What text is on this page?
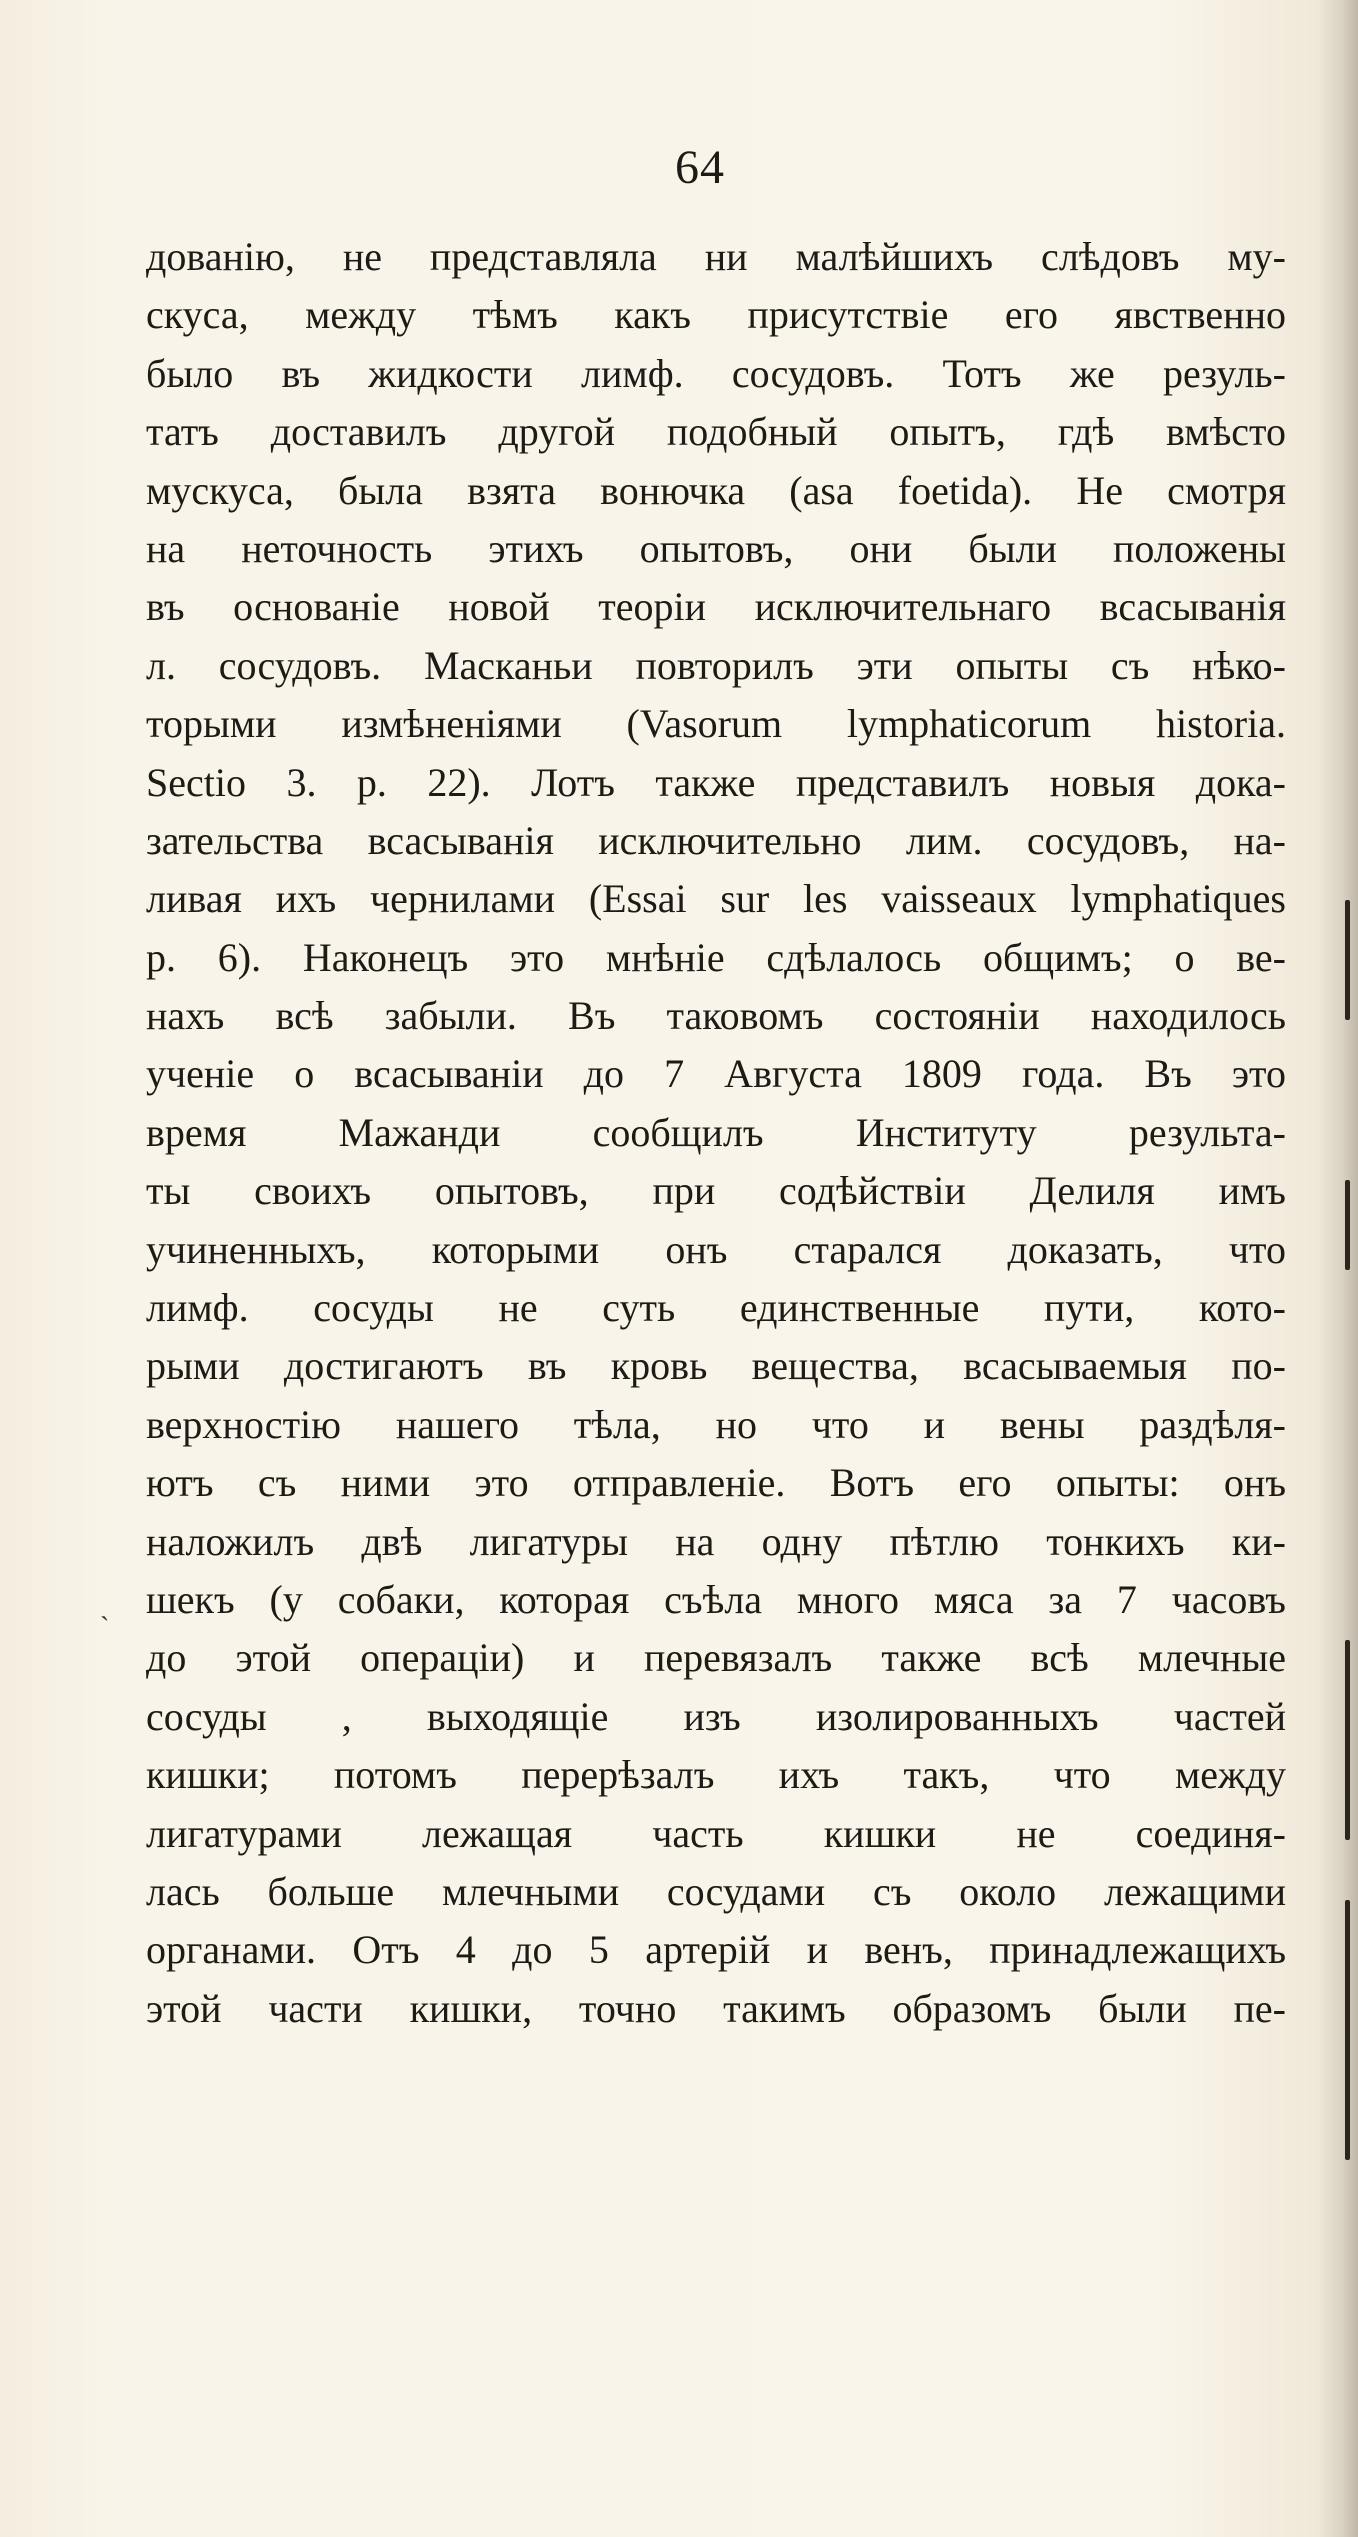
64
дованію, не представляла ни малѣйшихъ слѣдовъ му-
скуса, между тѣмъ какъ присутствіе его явственно
было въ жидкости лимф. сосудовъ. Тотъ же резуль-
татъ доставилъ другой подобный опытъ, гдѣ вмѣсто
мускуса, была взята вонючка (asa foetida). Не смотря
на неточность этихъ опытовъ, они были положены
въ основаніе новой теоріи исключительнаго всасыванія
л. сосудовъ. Масканьи повторилъ эти опыты съ нѣко-
торыми измѣненіями (Vasorum lymphaticorum historia.
Sectio 3. p. 22). Лотъ также представилъ новыя дока-
зательства всасыванія исключительно лим. сосудовъ, на-
ливая ихъ чернилами (Essai sur les vaisseaux lymphatiques
p. 6). Наконецъ это мнѣніе сдѣлалось общимъ; о ве-
нахъ всѣ забыли. Въ таковомъ состояніи находилось
ученіе о всасываніи до 7 Августа 1809 года. Въ это
время Мажанди сообщилъ Институту результа-
ты своихъ опытовъ, при содѣйствіи Делиля имъ
учиненныхъ, которыми онъ старался доказать, что
лимф. сосуды не суть единственные пути, кото-
рыми достигаютъ въ кровь вещества, всасываемыя по-
верхностію нашего тѣла, но что и вены раздѣля-
ютъ съ ними это отправленіе. Вотъ его опыты: онъ
наложилъ двѣ лигатуры на одну пѣтлю тонкихъ ки-
шекъ (у собаки, которая съѣла много мяса за 7 часовъ
до этой операціи) и перевязалъ также всѣ млечные
сосуды , выходящіе изъ изолированныхъ частей
кишки; потомъ перерѣзалъ ихъ такъ, что между
лигатурами лежащая часть кишки не соединя-
лась больше млечными сосудами съ около лежащими
органами. Отъ 4 до 5 артерій и венъ, принадлежащихъ
этой части кишки, точно такимъ образомъ были пе-
`
